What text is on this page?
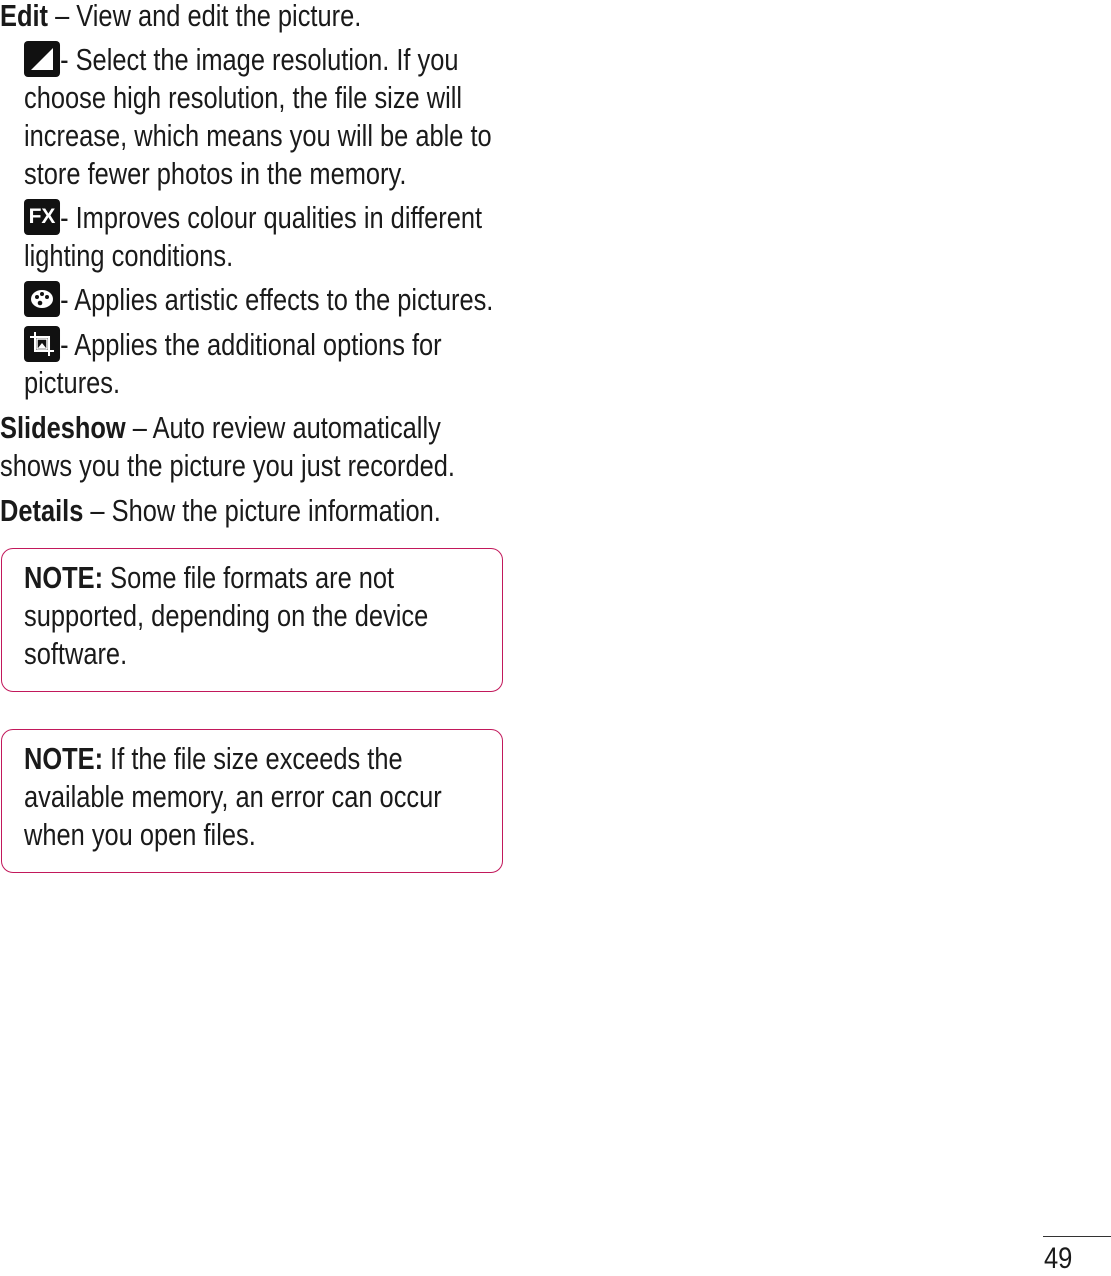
Edit – View and edit the picture.
- Select the image resolution. If you
choose high resolution, the file size will
increase, which means you will be able to
store fewer photos in the memory.
FX - Improves colour qualities in different
lighting conditions.
- Applies artistic effects to the pictures.
- Applies the additional options for
pictures.
Slideshow – Auto review automatically
shows you the picture you just recorded.
Details – Show the picture information.
NOTE: Some file formats are not
supported, depending on the device
software.
NOTE: If the file size exceeds the
available memory, an error can occur
when you open files.
49
